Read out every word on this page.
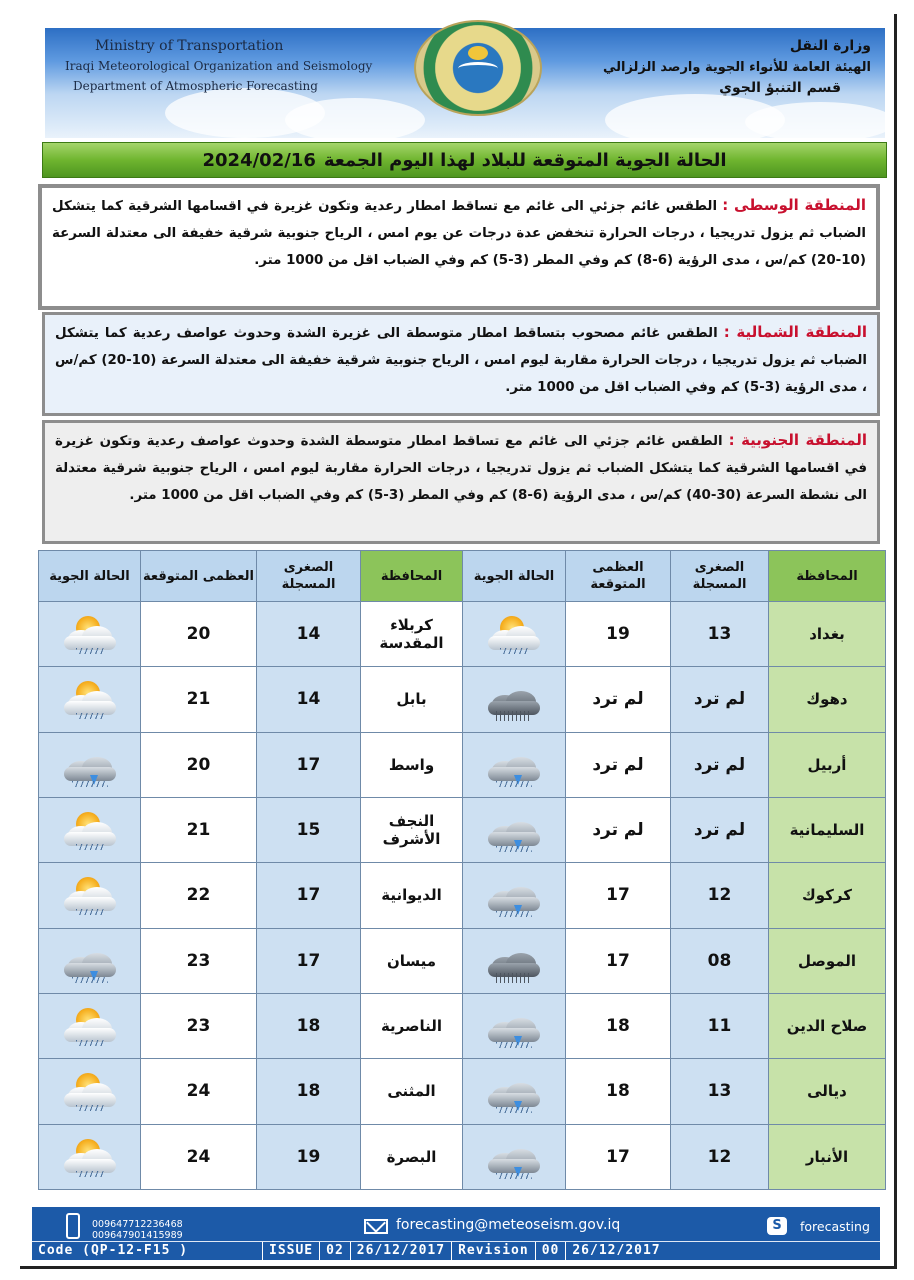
Ministry of Transportation
Iraqi Meteorological Organization and Seismology
Department of Atmospheric Forecasting
وزارة النقل
الهيئة العامة للأنواء الجوية وارصد الزلزالي
قسم التنبؤ الجوي
الحالة الجوية المتوقعة للبلاد لهذا اليوم الجمعة
2024/02/16
المنطقة الوسطى : الطقس غائم جزئي الى غائم مع تساقط امطار رعدية وتكون غزيرة في اقسامها الشرقية كما يتشكل الضباب ثم يزول تدريجيا ، درجات الحرارة تنخفض عدة درجات عن يوم امس ، الرياح جنوبية شرقية خفيفة الى معتدلة السرعة (10-20) كم/س ، مدى الرؤية (6-8) كم وفي المطر (3-5) كم وفي الضباب اقل من 1000 متر.
المنطقة الشمالية : الطقس غائم مصحوب بتساقط امطار متوسطة الى غزيرة الشدة وحدوث عواصف رعدية كما يتشكل الضباب ثم يزول تدريجيا ، درجات الحرارة مقاربة ليوم امس ، الرياح جنوبية شرقية خفيفة الى معتدلة السرعة (10-20) كم/س ، مدى الرؤية (3-5) كم وفي الضباب اقل من 1000 متر.
المنطقة الجنوبية : الطقس غائم جزئي الى غائم مع تساقط امطار متوسطة الشدة وحدوث عواصف رعدية وتكون غزيرة في اقسامها الشرقية كما يتشكل الضباب ثم يزول تدريجيا ، درجات الحرارة مقاربة ليوم امس ، الرياح جنوبية شرقية معتدلة الى نشطة السرعة (30-40) كم/س ، مدى الرؤية (6-8) كم وفي المطر (3-5) كم وفي الضباب اقل من 1000 متر.
المحافظة	الصغرى المسجلة	العظمى المتوقعة	الحالة الجوية	المحافظة	الصغرى المسجلة	العظمى المتوقعة	الحالة الجوية
بغداد	13	19		كربلاء المقدسة	14	20	

دهوك	لم ترد	لم ترد		بابل	14	21	

أربيل	لم ترد	لم ترد		واسط	17	20	

السليمانية	لم ترد	لم ترد		النجف الأشرف	15	21	

كركوك	12	17		الديوانية	17	22	

الموصل	08	17		ميسان	17	23	

صلاح الدين	11	18		الناصرية	18	23	

ديالى	13	18		المثنى	18	24	

الأنبار	12	17		البصرة	19	24	
009647712236468
009647901415989
forecasting@meteoseism.gov.iq	S	forecasting
Code (QP-12-F15 )	ISSUE	02	26/12/2017	Revision	00	26/12/2017
